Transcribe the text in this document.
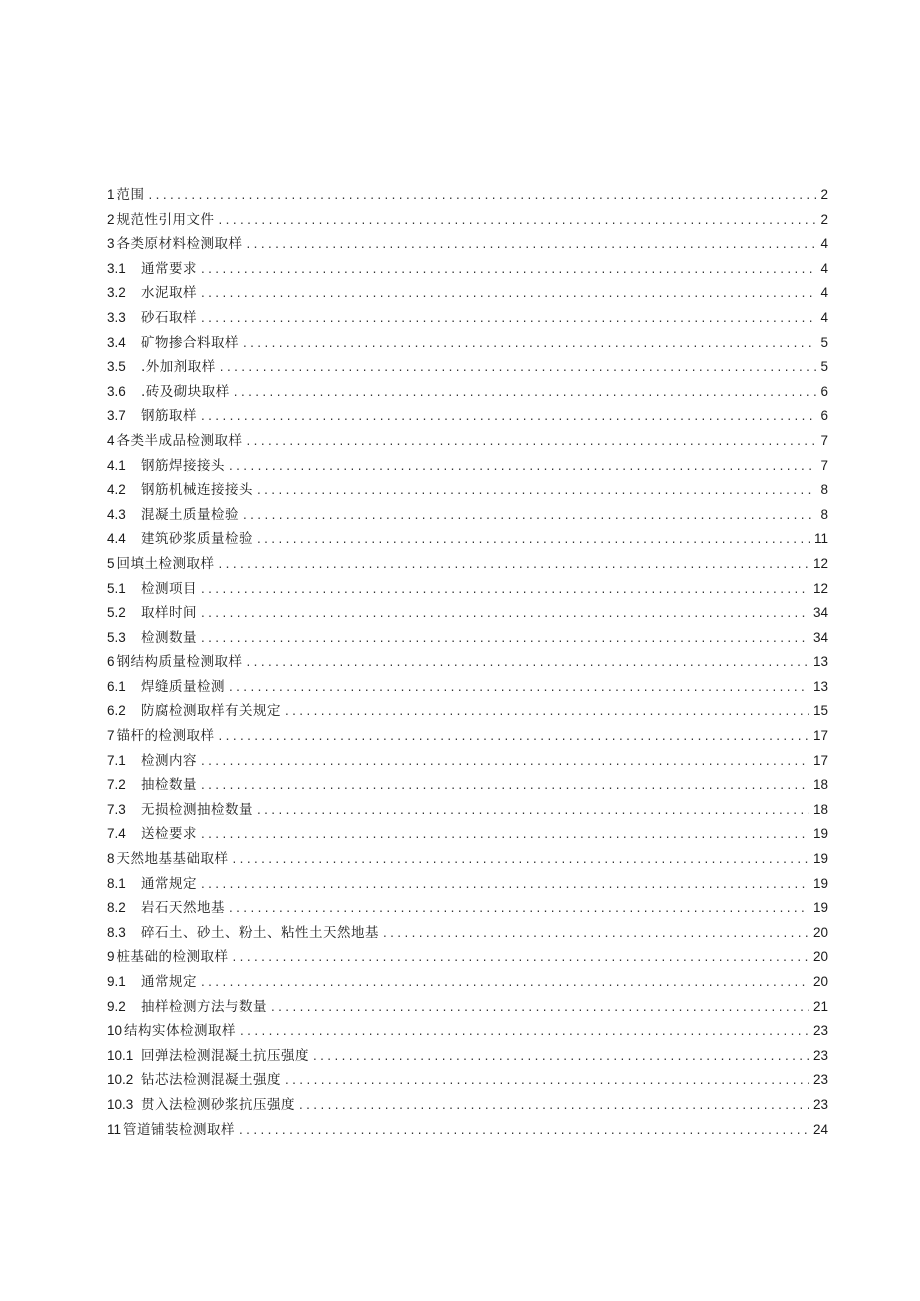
1 范围 .....	2
2 规范性引用文件 .....	2
3 各类原材料检测取样 .....	4
3.1	通常要求 .....	4
3.2	水泥取样 .....	4
3.3	砂石取样 .....	4
3.4	矿物掺合料取样 .....	5
3.5	.外加剂取样 .....	5
3.6	.砖及砌块取样 .....	6
3.7	钢筋取样 .....	6
4 各类半成品检测取样 .....	7
4.1	钢筋焊接接头 .....	7
4.2	钢筋机械连接接头 .....	8
4.3	混凝土质量检验 .....	8
4.4	建筑砂浆质量检验 .....	11
5 回填土检测取样 .....	12
5.1	检测项目 .....	12
5.2	取样时间 .....	34
5.3	检测数量 .....	34
6 钢结构质量检测取样 .....	13
6.1	焊缝质量检测 .....	13
6.2	防腐检测取样有关规定 .....	15
7 锚杆的检测取样 .....	17
7.1	检测内容 .....	17
7.2	抽检数量 .....	18
7.3	无损检测抽检数量 .....	18
7.4	送检要求 .....	19
8 天然地基基础取样 .....	19
8.1	通常规定 .....	19
8.2	岩石天然地基 .....	19
8.3	碎石土、砂土、粉土、粘性土天然地基 .....	20
9 桩基础的检测取样 .....	20
9.1	通常规定 .....	20
9.2	抽样检测方法与数量 .....	21
10 结构实体检测取样 .....	23
10.1 回弹法检测混凝土抗压强度 .....	23
10.2 钻芯法检测混凝土强度 .....	23
10.3 贯入法检测砂浆抗压强度 .....	23
11 管道铺装检测取样 .....	24
